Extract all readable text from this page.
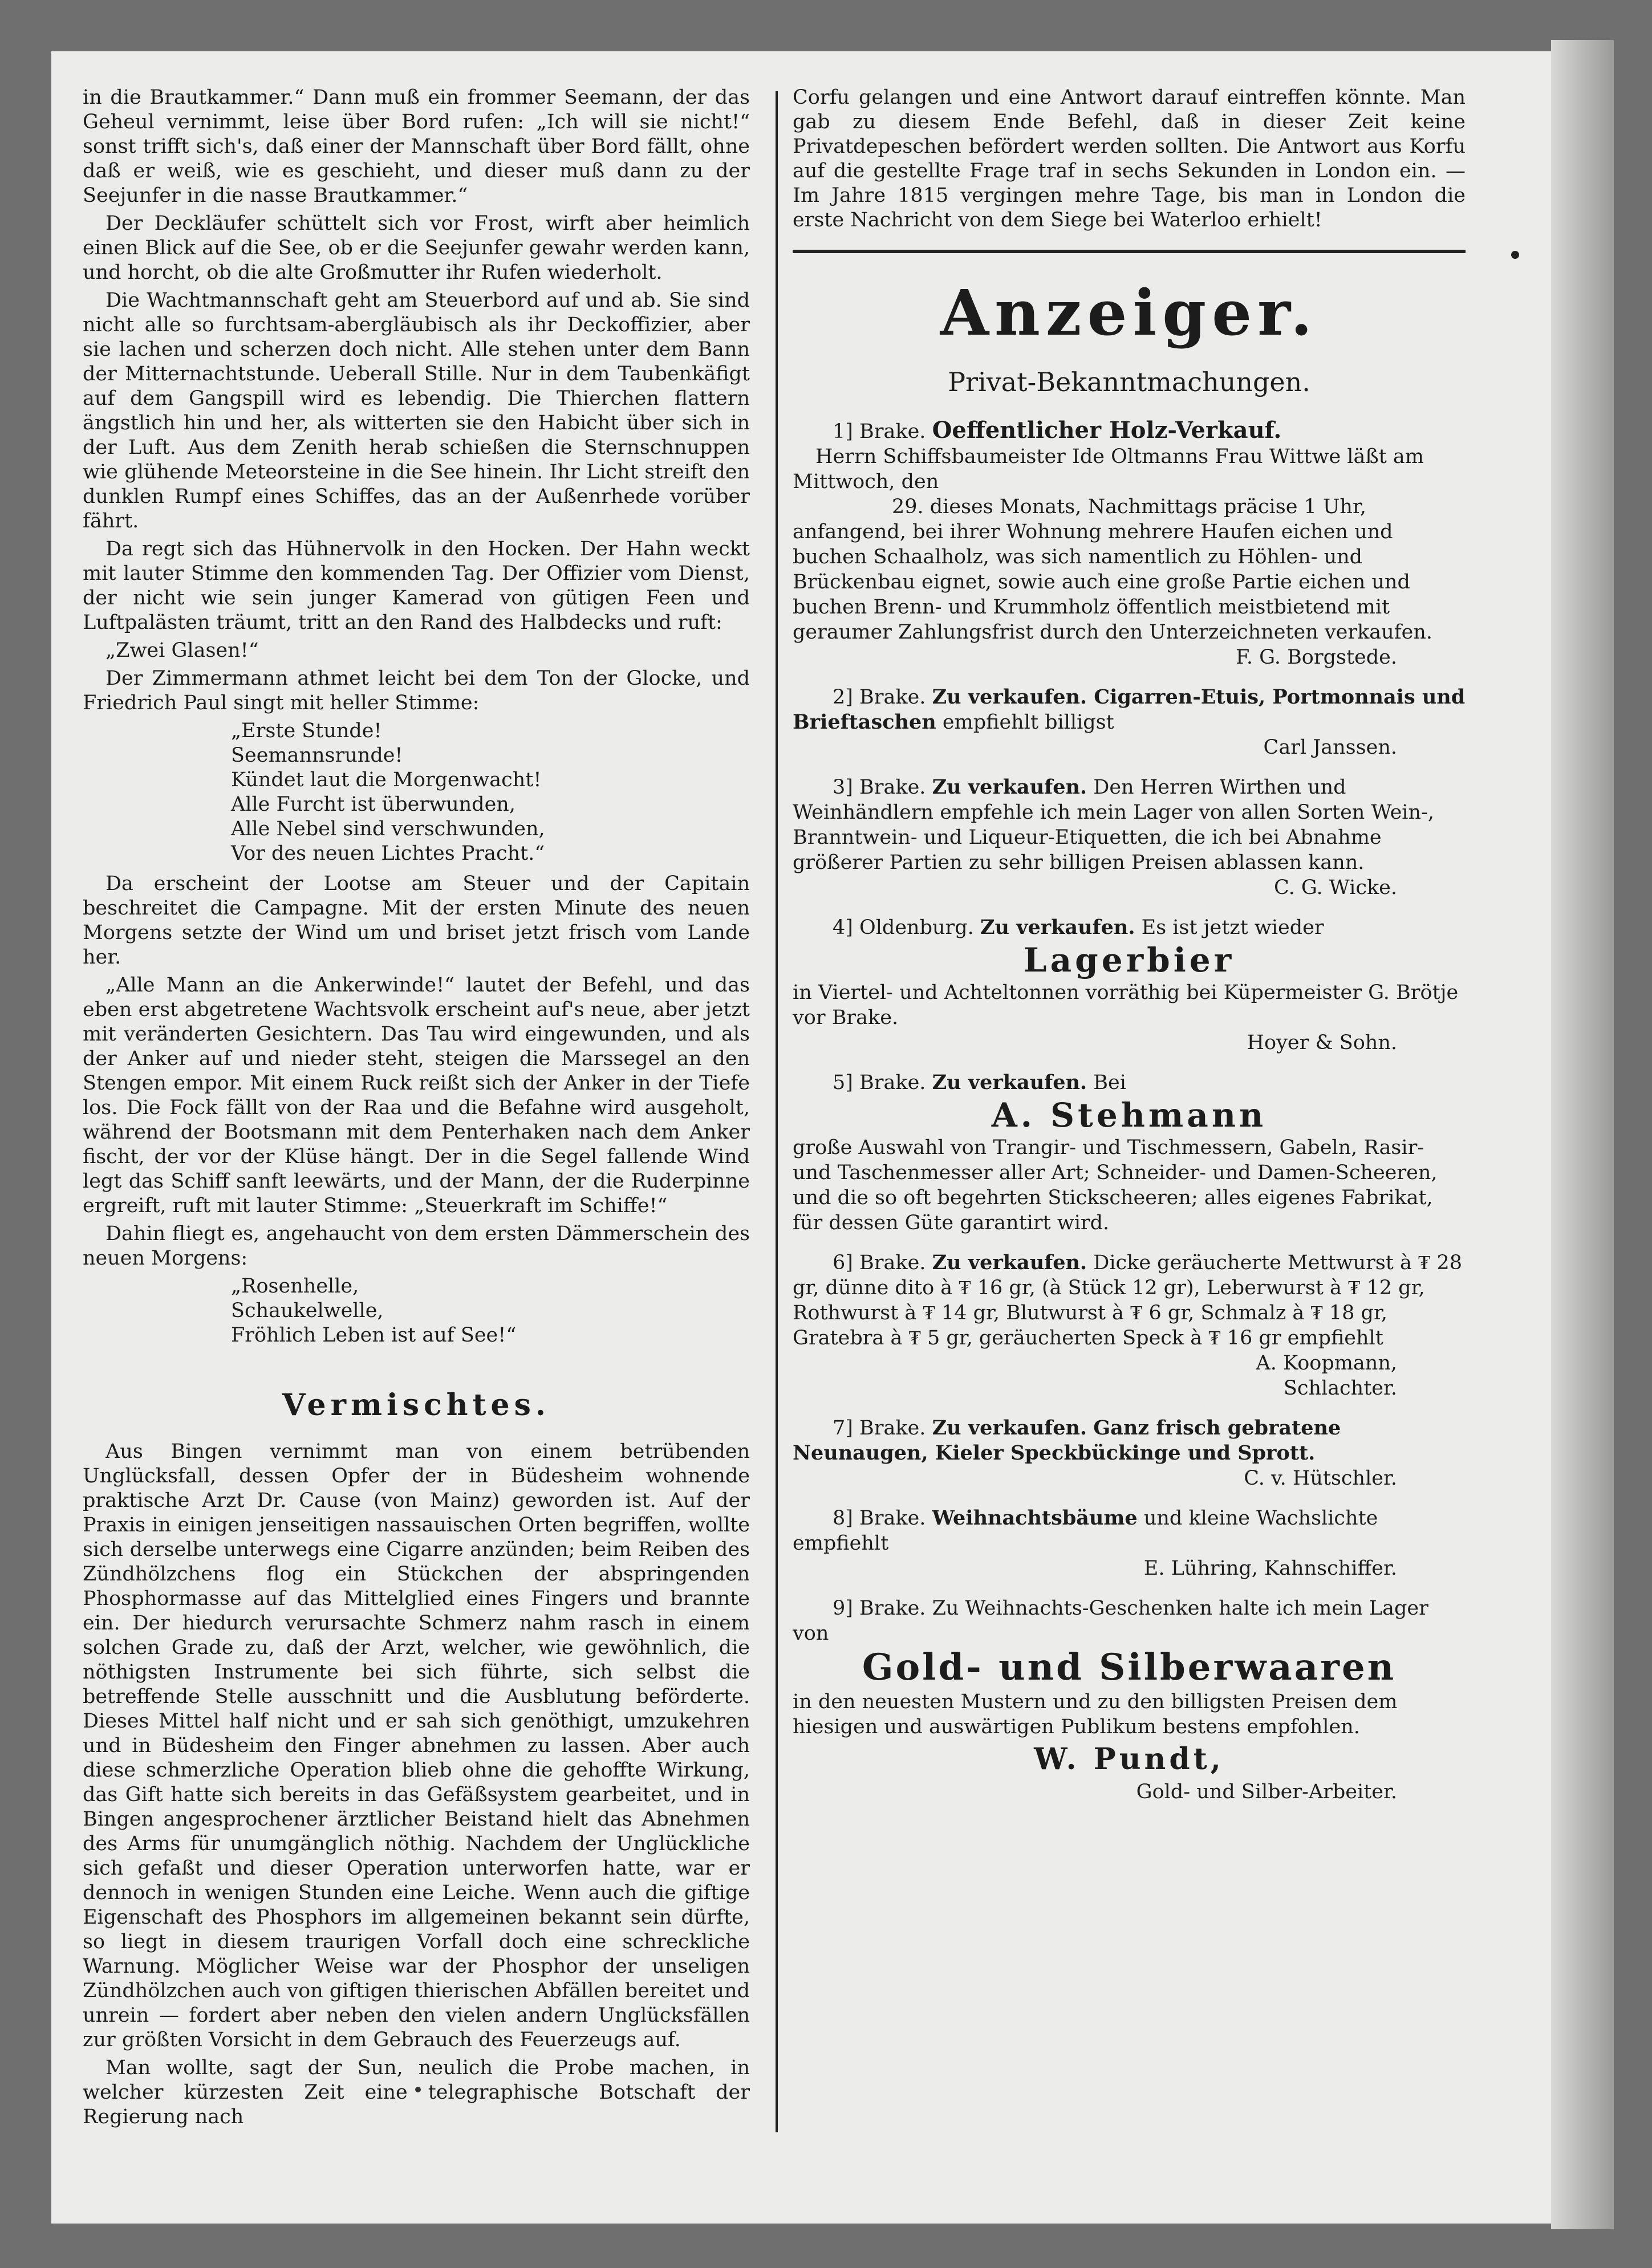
in die Brautkammer.“ Dann muß ein frommer Seemann, der das Geheul vernimmt, leise über Bord rufen: „Ich will sie nicht!“ sonst trifft sich's, daß einer der Mannschaft über Bord fällt, ohne daß er weiß, wie es geschieht, und dieser muß dann zu der Seejunfer in die nasse Brautkammer.“

Der Deckläufer schüttelt sich vor Frost, wirft aber heimlich einen Blick auf die See, ob er die Seejunfer gewahr werden kann, und horcht, ob die alte Großmutter ihr Rufen wiederholt.

Die Wachtmannschaft geht am Steuerbord auf und ab. Sie sind nicht alle so furchtsam-abergläubisch als ihr Deckoffizier, aber sie lachen und scherzen doch nicht. Alle stehen unter dem Bann der Mitternachtstunde. Ueberall Stille. Nur in dem Taubenkäfigt auf dem Gangspill wird es lebendig. Die Thierchen flattern ängstlich hin und her, als witterten sie den Habicht über sich in der Luft. Aus dem Zenith herab schießen die Sternschnuppen wie glühende Meteorsteine in die See hinein. Ihr Licht streift den dunklen Rumpf eines Schiffes, das an der Außenrhede vorüber fährt.

Da regt sich das Hühnervolk in den Hocken. Der Hahn weckt mit lauter Stimme den kommenden Tag. Der Offizier vom Dienst, der nicht wie sein junger Kamerad von gütigen Feen und Luftpalästen träumt, tritt an den Rand des Halbdecks und ruft:

„Zwei Glasen!“

Der Zimmermann athmet leicht bei dem Ton der Glocke, und Friedrich Paul singt mit heller Stimme:

„Erste Stunde!
Seemannsrunde!
Kündet laut die Morgenwacht!
Alle Furcht ist überwunden,
Alle Nebel sind verschwunden,
Vor des neuen Lichtes Pracht.“

Da erscheint der Lootse am Steuer und der Capitain beschreitet die Campagne. Mit der ersten Minute des neuen Morgens setzte der Wind um und briset jetzt frisch vom Lande her.

„Alle Mann an die Ankerwinde!“ lautet der Befehl, und das eben erst abgetretene Wachtsvolk erscheint auf's neue, aber jetzt mit veränderten Gesichtern. Das Tau wird eingewunden, und als der Anker auf und nieder steht, steigen die Marssegel an den Stengen empor. Mit einem Ruck reißt sich der Anker in der Tiefe los. Die Fock fällt von der Raa und die Befahne wird ausgeholt, während der Bootsmann mit dem Penterhaken nach dem Anker fischt, der vor der Klüse hängt. Der in die Segel fallende Wind legt das Schiff sanft leewärts, und der Mann, der die Ruderpinne ergreift, ruft mit lauter Stimme: „Steuerkraft im Schiffe!“

Dahin fliegt es, angehaucht von dem ersten Dämmerschein des neuen Morgens:

„Rosenhelle,
Schaukelwelle,
Fröhlich Leben ist auf See!“
Vermischtes.

Aus Bingen vernimmt man von einem betrübenden Unglücksfall, dessen Opfer der in Büdesheim wohnende praktische Arzt Dr. Cause (von Mainz) geworden ist. Auf der Praxis in einigen jenseitigen nassauischen Orten begriffen, wollte sich derselbe unterwegs eine Cigarre anzünden; beim Reiben des Zündhölzchens flog ein Stückchen der abspringenden Phosphormasse auf das Mittelglied eines Fingers und brannte ein. Der hiedurch verursachte Schmerz nahm rasch in einem solchen Grade zu, daß der Arzt, welcher, wie gewöhnlich, die nöthigsten Instrumente bei sich führte, sich selbst die betreffende Stelle ausschnitt und die Ausblutung beförderte. Dieses Mittel half nicht und er sah sich genöthigt, umzukehren und in Büdesheim den Finger abnehmen zu lassen. Aber auch diese schmerzliche Operation blieb ohne die gehoffte Wirkung, das Gift hatte sich bereits in das Gefäßsystem gearbeitet, und in Bingen angesprochener ärztlicher Beistand hielt das Abnehmen des Arms für unumgänglich nöthig. Nachdem der Unglückliche sich gefaßt und dieser Operation unterworfen hatte, war er dennoch in wenigen Stunden eine Leiche. Wenn auch die giftige Eigenschaft des Phosphors im allgemeinen bekannt sein dürfte, so liegt in diesem traurigen Vorfall doch eine schreckliche Warnung. Möglicher Weise war der Phosphor der unseligen Zündhölzchen auch von giftigen thierischen Abfällen bereitet und unrein — fordert aber neben den vielen andern Unglücksfällen zur größten Vorsicht in dem Gebrauch des Feuerzeugs auf.

Man wollte, sagt der Sun, neulich die Probe machen, in welcher kürzesten Zeit eine telegraphische Botschaft der Regierung nach

Corfu gelangen und eine Antwort darauf eintreffen könnte. Man gab zu diesem Ende Befehl, daß in dieser Zeit keine Privatdepeschen befördert werden sollten. Die Antwort aus Korfu auf die gestellte Frage traf in sechs Sekunden in London ein. — Im Jahre 1815 vergingen mehre Tage, bis man in London die erste Nachricht von dem Siege bei Waterloo erhielt!

Anzeiger.
Privat-Bekanntmachungen.
1] Brake. Oeffentlicher Holz-Verkauf.
Herrn Schiffsbaumeister Ide Oltmanns Frau Wittwe läßt am Mittwoch, den
29. dieses Monats, Nachmittags präcise 1 Uhr,
anfangend, bei ihrer Wohnung mehrere Haufen eichen und buchen Schaalholz, was sich namentlich zu Höhlen- und Brückenbau eignet, sowie auch eine große Partie eichen und buchen Brenn- und Krummholz öffentlich meistbietend mit geraumer Zahlungsfrist durch den Unterzeichneten verkaufen.
F. G. Borgstede.
2] Brake. Zu verkaufen. Cigarren-Etuis, Portmonnais und Brieftaschen empfiehlt billigst
Carl Janssen.
3] Brake. Zu verkaufen. Den Herren Wirthen und Weinhändlern empfehle ich mein Lager von allen Sorten Wein-, Branntwein- und Liqueur-Etiquetten, die ich bei Abnahme größerer Partien zu sehr billigen Preisen ablassen kann.
C. G. Wicke.
4] Oldenburg. Zu verkaufen. Es ist jetzt wieder
Lagerbier
in Viertel- und Achteltonnen vorräthig bei Küpermeister G. Brötje vor Brake.
Hoyer & Sohn.
5] Brake. Zu verkaufen. Bei
A. Stehmann
große Auswahl von Trangir- und Tischmessern, Gabeln, Rasir- und Taschenmesser aller Art; Schneider- und Damen-Scheeren, und die so oft begehrten Stickscheeren; alles eigenes Fabrikat, für dessen Güte garantirt wird.
6] Brake. Zu verkaufen. Dicke geräucherte Mettwurst à ₮ 28 gr, dünne dito à ₮ 16 gr, (à Stück 12 gr), Leberwurst à ₮ 12 gr, Rothwurst à ₮ 14 gr, Blutwurst à ₮ 6 gr, Schmalz à ₮ 18 gr, Gratebra à ₮ 5 gr, geräucherten Speck à ₮ 16 gr empfiehlt
A. Koopmann,
Schlachter.
7] Brake. Zu verkaufen. Ganz frisch gebratene Neunaugen, Kieler Speckbückinge und Sprott.
C. v. Hütschler.
8] Brake. Weihnachtsbäume und kleine Wachslichte empfiehlt
E. Lühring, Kahnschiffer.
9] Brake. Zu Weihnachts-Geschenken halte ich mein Lager von
Gold- und Silberwaaren
in den neuesten Mustern und zu den billigsten Preisen dem hiesigen und auswärtigen Publikum bestens empfohlen.
W. Pundt,
Gold- und Silber-Arbeiter.
